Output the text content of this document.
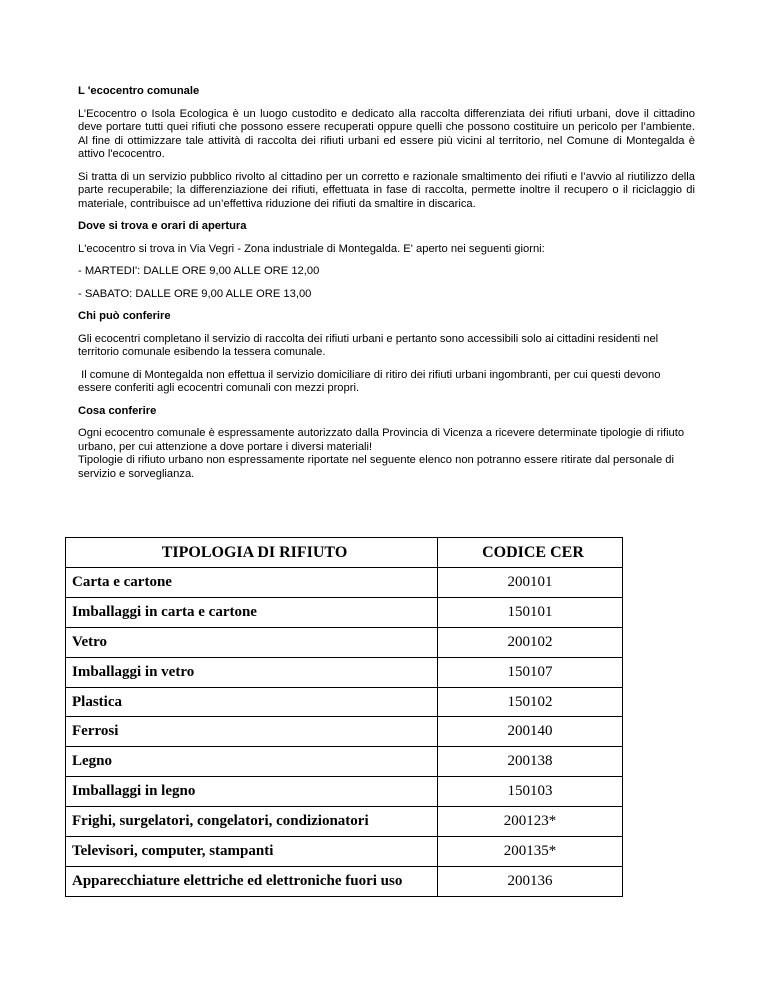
L 'ecocentro comunale
L’Ecocentro o Isola Ecologica è un luogo custodito e dedicato alla raccolta differenziata dei rifiuti urbani, dove il cittadino deve portare tutti quei rifiuti che possono essere recuperati oppure quelli che possono costituire un pericolo per l’ambiente. Al fine di ottimizzare tale attività di raccolta dei rifiuti urbani ed essere più vicini al territorio, nel Comune di Montegalda è attivo l'ecocentro.
Si tratta di un servizio pubblico rivolto al cittadino per un corretto e razionale smaltimento dei rifiuti e l’avvio al riutilizzo della parte recuperabile; la differenziazione dei rifiuti, effettuata in fase di raccolta, permette inoltre il recupero o il riciclaggio di materiale, contribuisce ad un’effettiva riduzione dei rifiuti da smaltire in discarica.
Dove si trova e orari di apertura
L'ecocentro si trova in Via Vegri - Zona industriale di Montegalda. E' aperto nei seguenti giorni:
- MARTEDI': DALLE ORE 9,00 ALLE ORE 12,00
- SABATO: DALLE ORE 9,00 ALLE ORE 13,00
Chi può conferire
Gli ecocentri completano il servizio di raccolta dei rifiuti urbani e pertanto sono accessibili solo ai cittadini residenti nel territorio comunale esibendo la tessera comunale.
Il comune di Montegalda non effettua il servizio domiciliare di ritiro dei rifiuti urbani ingombranti, per cui questi devono essere conferiti agli ecocentri comunali con mezzi propri.
Cosa conferire
Ogni ecocentro comunale è espressamente autorizzato dalla Provincia di Vicenza a ricevere determinate tipologie di rifiuto urbano, per cui attenzione a dove portare i diversi materiali!
Tipologie di rifiuto urbano non espressamente riportate nel seguente elenco non potranno essere ritirate dal personale di servizio e sorveglianza.
TIPOLOGIA DI RIFIUTO	CODICE CER
Carta e cartone	200101
Imballaggi in carta e cartone	150101
Vetro	200102
Imballaggi in vetro	150107
Plastica	150102
Ferrosi	200140
Legno	200138
Imballaggi in legno	150103
Frighi, surgelatori, congelatori, condizionatori	200123*
Televisori, computer, stampanti	200135*
Apparecchiature elettriche ed elettroniche fuori uso	200136
